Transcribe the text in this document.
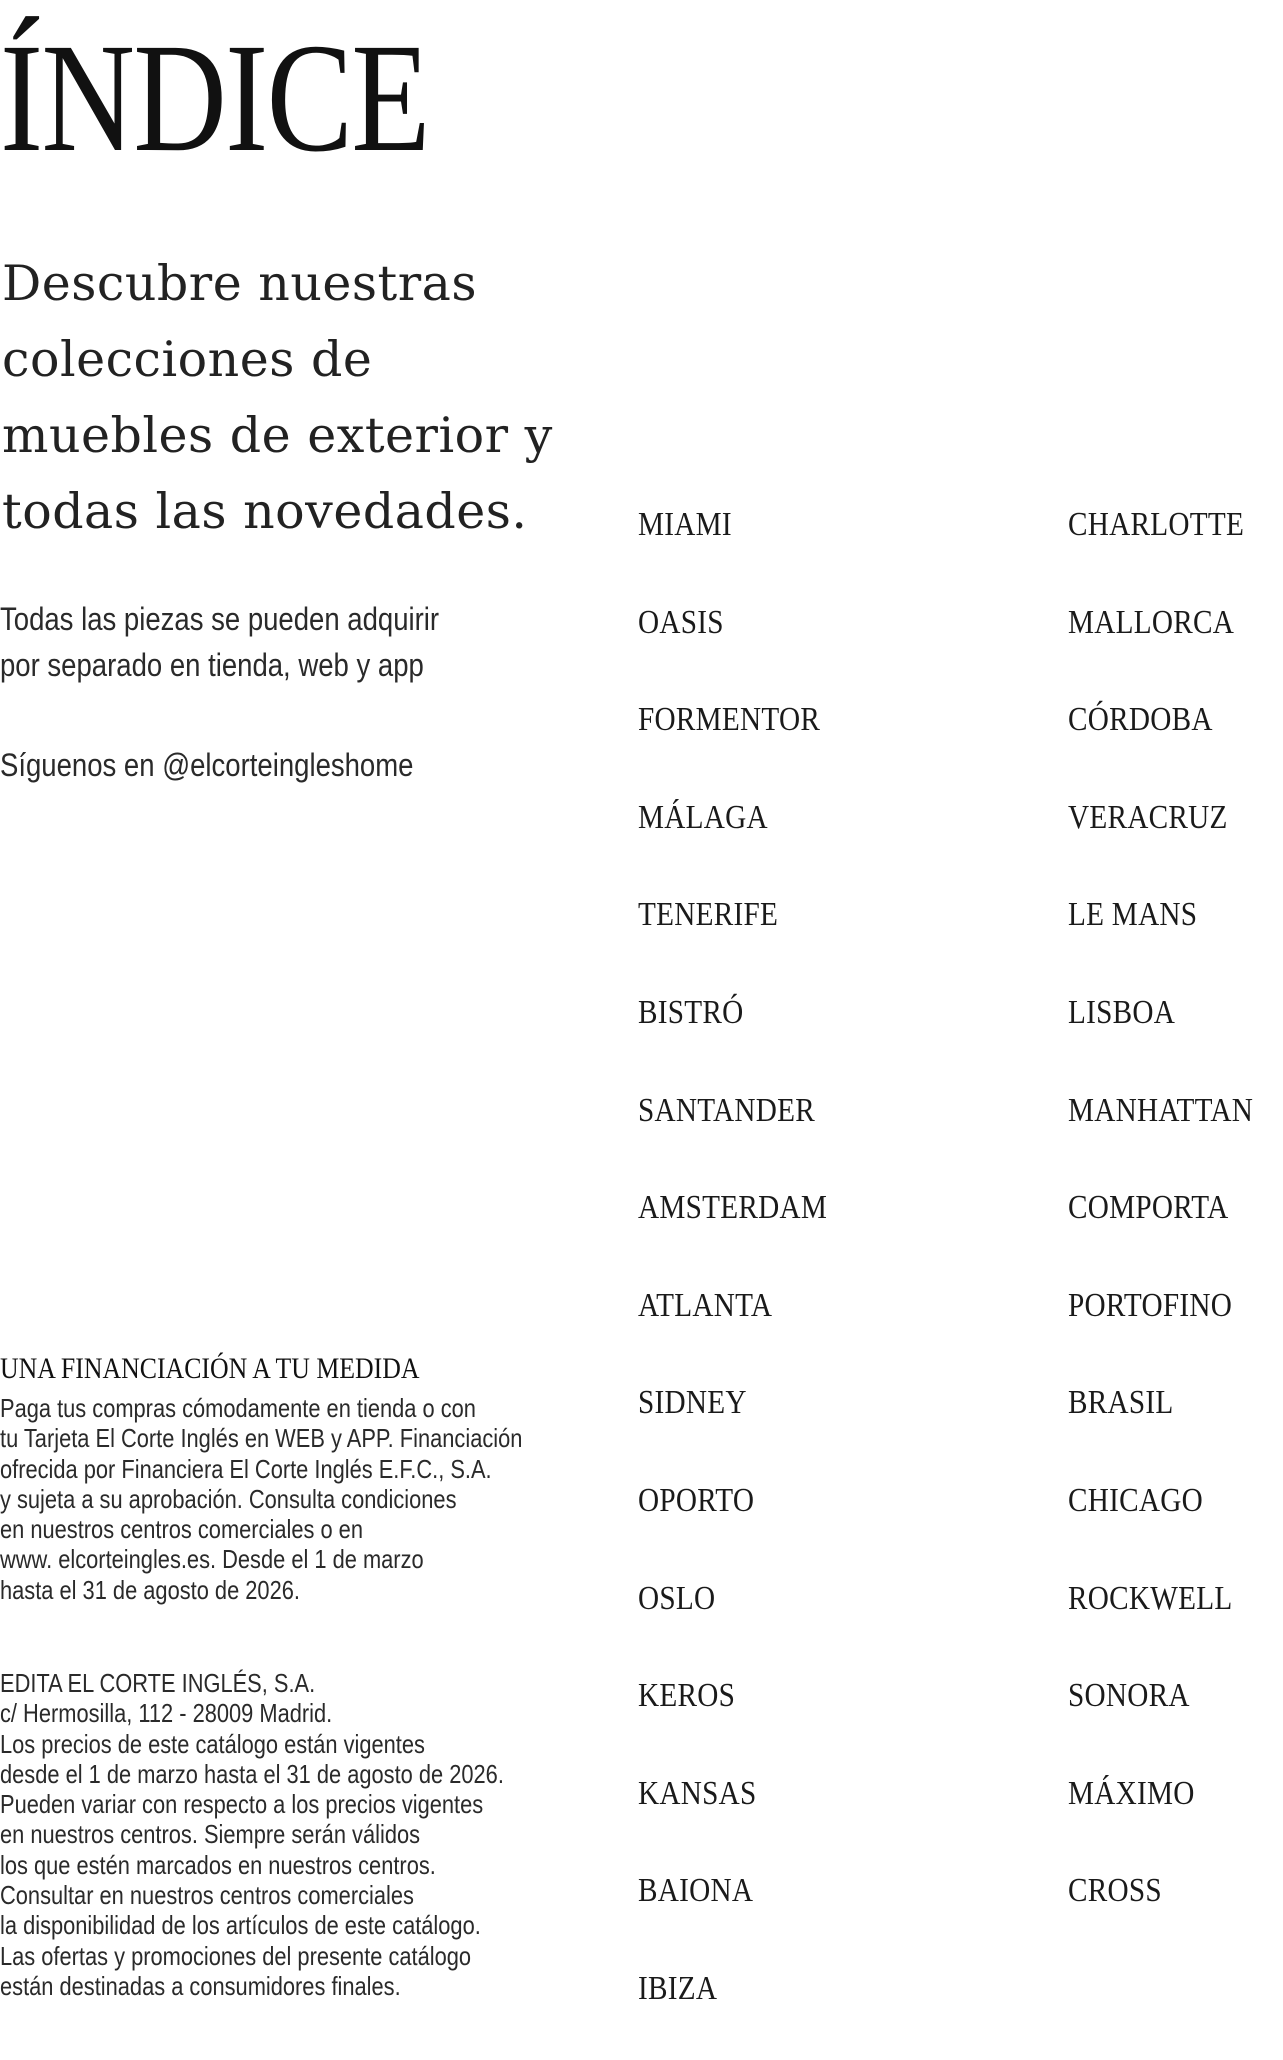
ÍNDICE

Descubre nuestras colecciones de muebles de exterior y todas las novedades.

Todas las piezas se pueden adquirir
por separado en tienda, web y app

Síguenos en @elcorteingleshome

UNA FINANCIACIÓN A TU MEDIDA
Paga tus compras cómodamente en tienda o con
tu Tarjeta El Corte Inglés en WEB y APP. Financiación
ofrecida por Financiera El Corte Inglés E.F.C., S.A.
y sujeta a su aprobación. Consulta condiciones
en nuestros centros comerciales o en
www. elcorteingles.es. Desde el 1 de marzo
hasta el 31 de agosto de 2026.
EDITA EL CORTE INGLÉS, S.A.
c/ Hermosilla, 112 - 28009 Madrid.
Los precios de este catálogo están vigentes
desde el 1 de marzo hasta el 31 de agosto de 2026.
Pueden variar con respecto a los precios vigentes
en nuestros centros. Siempre serán válidos
los que estén marcados en nuestros centros.
Consultar en nuestros centros comerciales
la disponibilidad de los artículos de este catálogo.
Las ofertas y promociones del presente catálogo
están destinadas a consumidores finales.
MIAMI
OASIS
FORMENTOR
MÁLAGA
TENERIFE
BISTRÓ
SANTANDER
AMSTERDAM
ATLANTA
SIDNEY
OPORTO
OSLO
KEROS
KANSAS
BAIONA
IBIZA
CHARLOTTE
MALLORCA
CÓRDOBA
VERACRUZ
LE MANS
LISBOA
MANHATTAN
COMPORTA
PORTOFINO
BRASIL
CHICAGO
ROCKWELL
SONORA
MÁXIMO
CROSS
